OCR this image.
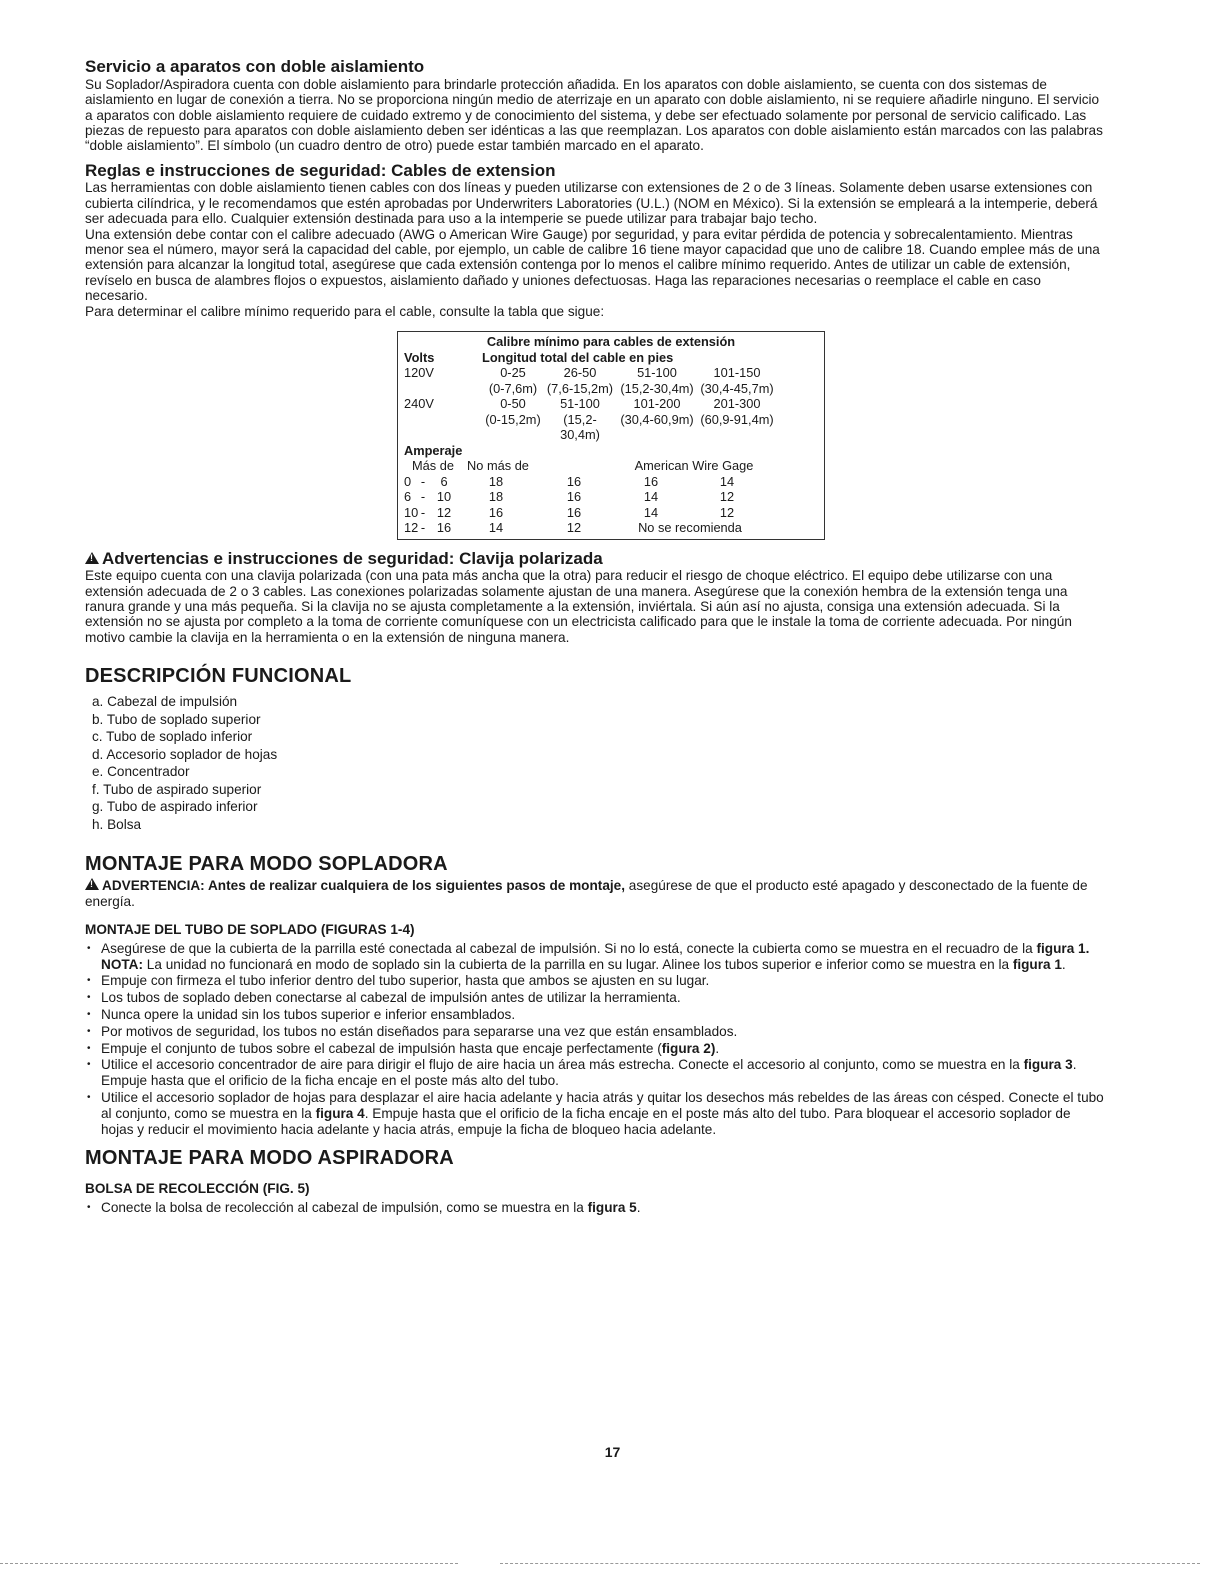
Servicio a aparatos con doble aislamiento

Su Soplador/Aspiradora cuenta con doble aislamiento para brindarle protección añadida. En los aparatos con doble aislamiento, se cuenta con dos sistemas de aislamiento en lugar de conexión a tierra. No se proporciona ningún medio de aterrizaje en un aparato con doble aislamiento, ni se requiere añadirle ninguno. El servicio a aparatos con doble aislamiento requiere de cuidado extremo y de conocimiento del sistema, y debe ser efectuado solamente por personal de servicio calificado. Las piezas de repuesto para aparatos con doble aislamiento deben ser idénticas a las que reemplazan. Los aparatos con doble aislamiento están marcados con las palabras “doble aislamiento”. El símbolo (un cuadro dentro de otro) puede estar también marcado en el aparato.

Reglas e instrucciones de seguridad: Cables de extension

Las herramientas con doble aislamiento tienen cables con dos líneas y pueden utilizarse con extensiones de 2 o de 3 líneas. Solamente deben usarse extensiones con cubierta cilíndrica, y le recomendamos que estén aprobadas por Underwriters Laboratories (U.L.) (NOM en México). Si la extensión se empleará a la intemperie, deberá ser adecuada para ello. Cualquier extensión destinada para uso a la intemperie se puede utilizar para trabajar bajo techo.

Una extensión debe contar con el calibre adecuado (AWG o American Wire Gauge) por seguridad, y para evitar pérdida de potencia y sobrecalentamiento. Mientras menor sea el número, mayor será la capacidad del cable, por ejemplo, un cable de calibre 16 tiene mayor capacidad que uno de calibre 18. Cuando emplee más de una extensión para alcanzar la longitud total, asegúrese que cada extensión contenga por lo menos el calibre mínimo requerido. Antes de utilizar un cable de extensión, revíselo en busca de alambres flojos o expuestos, aislamiento dañado y uniones defectuosas. Haga las reparaciones necesarias o reemplace el cable en caso necesario.

Para determinar el calibre mínimo requerido para el cable, consulte la tabla que sigue:

Calibre mínimo para cables de extensión
Volts	Longitud total del cable en pies
120V	0-25	26-50	51-100	101-150
(0-7,6m) (7,6-15,2m) (15,2-30,4m) (30,4-45,7m)
240V	0-50	51-100	101-200	201-300
(0-15,2m)	(15,2-30,4m)
(30,4-60,9m) (60,9-91,4m)
Amperaje
Más de	No más de	American Wire Gage
0 -	6	18	16	16	14
6 - 10	18	16	14	12
10 - 12	16	16	14	12
12 - 16	14	12	No se recomienda
!Advertencias e instrucciones de seguridad: Clavija polarizada

Este equipo cuenta con una clavija polarizada (con una pata más ancha que la otra) para reducir el riesgo de choque eléctrico. El equipo debe utilizarse con una extensión adecuada de 2 o 3 cables. Las conexiones polarizadas solamente ajustan de una manera. Asegúrese que la conexión hembra de la extensión tenga una ranura grande y una más pequeña. Si la clavija no se ajusta completamente a la extensión, inviértala. Si aún así no ajusta, consiga una extensión adecuada. Si la extensión no se ajusta por completo a la toma de corriente comuníquese con un electricista calificado para que le instale la toma de corriente adecuada. Por ningún motivo cambie la clavija en la herramienta o en la extensión de ninguna manera.

DESCRIPCIÓN FUNCIONAL
a. Cabezal de impulsión
b. Tubo de soplado superior
c. Tubo de soplado inferior
d. Accesorio soplador de hojas
e. Concentrador
f. Tubo de aspirado superior
g. Tubo de aspirado inferior
h. Bolsa
MONTAJE PARA MODO SOPLADORA

!ADVERTENCIA: Antes de realizar cualquiera de los siguientes pasos de montaje, asegúrese de que el producto esté apagado y desconectado de la fuente de energía.

MONTAJE DEL TUBO DE SOPLADO (FIGURAS 1-4)
• Asegúrese de que la cubierta de la parrilla esté conectada al cabezal de impulsión. Si no lo está, conecte la cubierta como se muestra en el recuadro de la figura 1. NOTA: La unidad no funcionará en modo de soplado sin la cubierta de la parrilla en su lugar. Alinee los tubos superior e inferior como se muestra en la figura 1.
• Empuje con firmeza el tubo inferior dentro del tubo superior, hasta que ambos se ajusten en su lugar.
• Los tubos de soplado deben conectarse al cabezal de impulsión antes de utilizar la herramienta.
• Nunca opere la unidad sin los tubos superior e inferior ensamblados.
• Por motivos de seguridad, los tubos no están diseñados para separarse una vez que están ensamblados.
• Empuje el conjunto de tubos sobre el cabezal de impulsión hasta que encaje perfectamente (figura 2).
• Utilice el accesorio concentrador de aire para dirigir el flujo de aire hacia un área más estrecha. Conecte el accesorio al conjunto, como se muestra en la figura 3. Empuje hasta que el orificio de la ficha encaje en el poste más alto del tubo.
• Utilice el accesorio soplador de hojas para desplazar el aire hacia adelante y hacia atrás y quitar los desechos más rebeldes de las áreas con césped. Conecte el tubo al conjunto, como se muestra en la figura 4. Empuje hasta que el orificio de la ficha encaje en el poste más alto del tubo. Para bloquear el accesorio soplador de hojas y reducir el movimiento hacia adelante y hacia atrás, empuje la ficha de bloqueo hacia adelante.
MONTAJE PARA MODO ASPIRADORA
BOLSA DE RECOLECCIÓN (FIG. 5)
• Conecte la bolsa de recolección al cabezal de impulsión, como se muestra en la figura 5.
17
